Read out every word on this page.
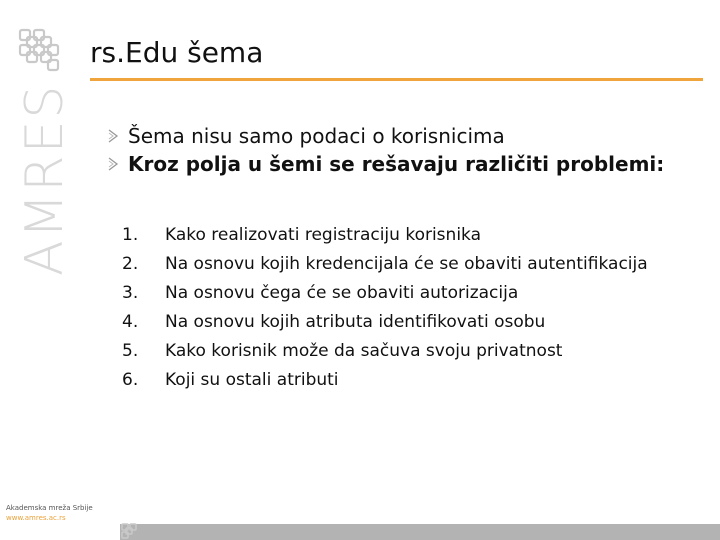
AMRES
rs.Edu šema
Šema nisu samo podaci o korisnicima
Kroz polja u šemi se rešavaju različiti problemi:
1.	Kako realizovati registraciju korisnika
2.	Na osnovu kojih kredencijala će se obaviti autentifikacija
3.	Na osnovu čega će se obaviti autorizacija
4.	Na osnovu kojih atributa identifikovati osobu
5.	Kako korisnik može da sačuva svoju privatnost
6.	Koji su ostali atributi
Akademska mreža Srbije
www.amres.ac.rs
